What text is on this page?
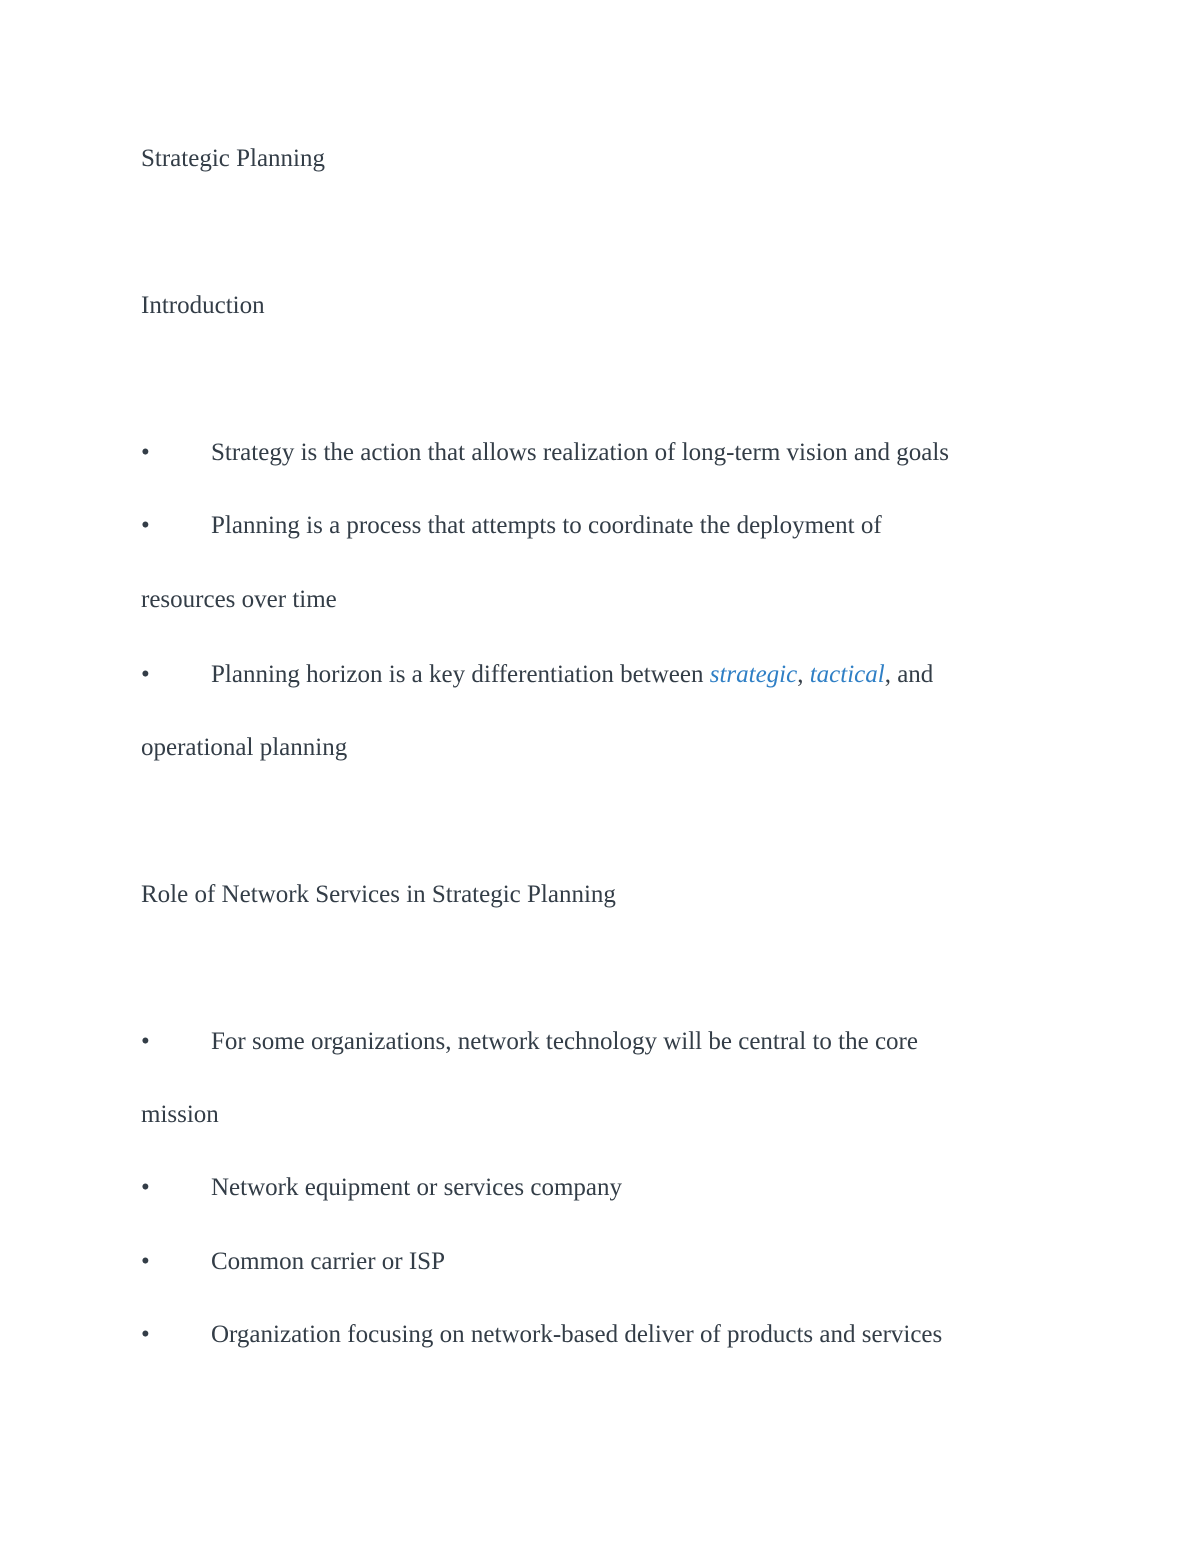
Strategic Planning
Introduction
• Strategy is the action that allows realization of long-term vision and goals
• Planning is a process that attempts to coordinate the deployment of
resources over time
• Planning horizon is a key differentiation between strategic, tactical, and
operational planning
Role of Network Services in Strategic Planning
• For some organizations, network technology will be central to the core
mission
• Network equipment or services company
• Common carrier or ISP
• Organization focusing on network-based deliver of products and services
